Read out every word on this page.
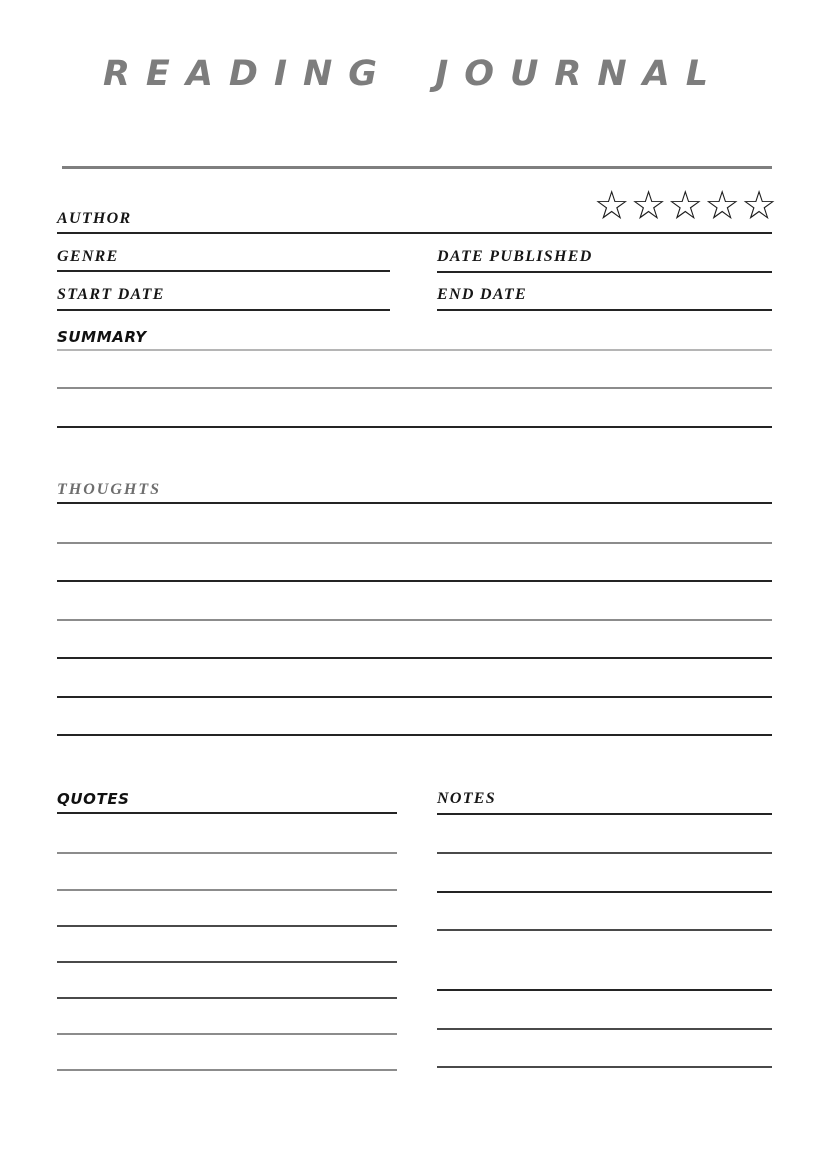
READING JOURNAL
☆☆☆☆☆
AUTHOR
GENRE	DATE PUBLISHED
START DATE	END DATE
SUMMARY
THOUGHTS
QUOTES	NOTES
